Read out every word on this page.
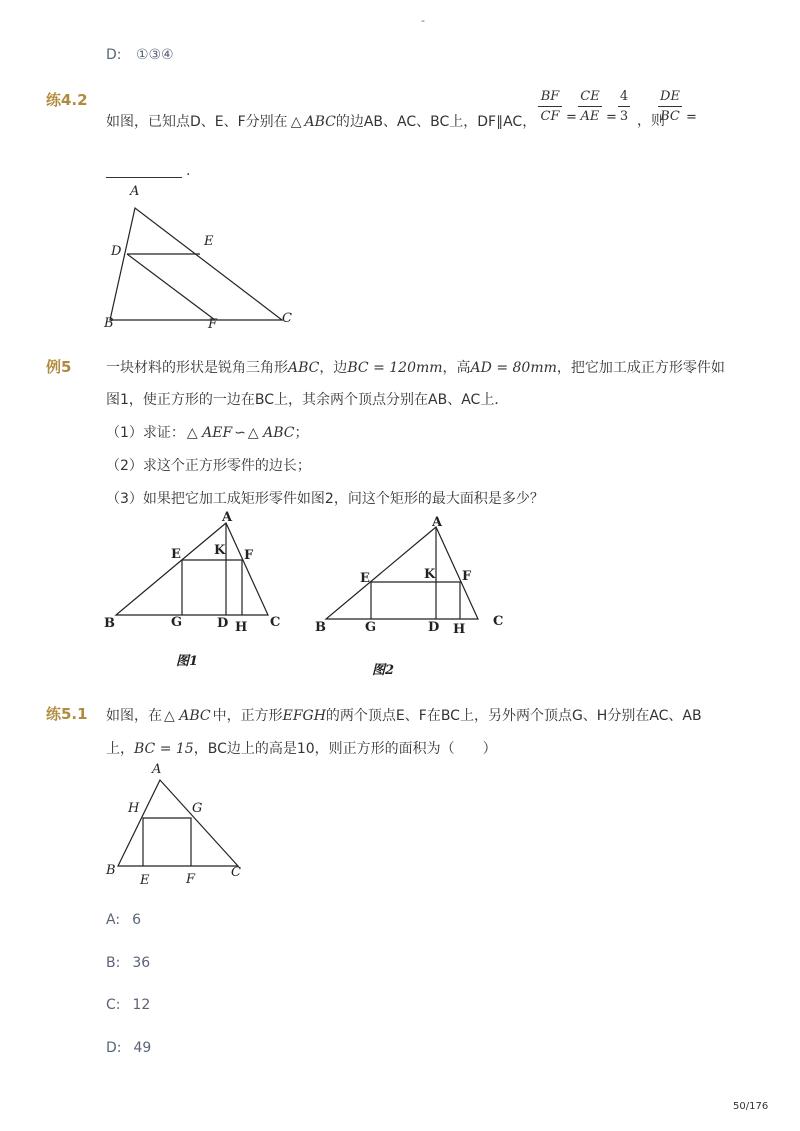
-
D: ①③④
练4.2
如图，已知点D、E、F分别在 △ ABC的边AB、AC、BC上，DF∥AC，
BF
CF =
CE
AE =
4
3 ，则
DE
BC =
.
A
D
E
B	F	C
例5 一块材料的形状是锐角三角形ABC，边BC = 120mm，高AD = 80mm，把它加工成正方形零件如
图1，使正方形的一边在BC上，其余两个顶点分别在AB、AC上．
（1）求证： △ AEF ∽ △ ABC；
（2）求这个正方形零件的边长；
（3）如果把它加工成矩形零件如图2，问这个矩形的最大面积是多少？
A
E	K F
B	G	D H C
图1
A
E	K F
B	G	D H
C
图2
练5.1 如图，在 △ ABC 中，正方形EFGH的两个顶点E、F在BC上，另外两个顶点G、H分别在AC、AB
上，BC = 15，BC边上的高是10，则正方形的面积为（　　）
A
H	G
B
E	F	C
A: 6
B: 36
C: 12
D: 49
50/176
